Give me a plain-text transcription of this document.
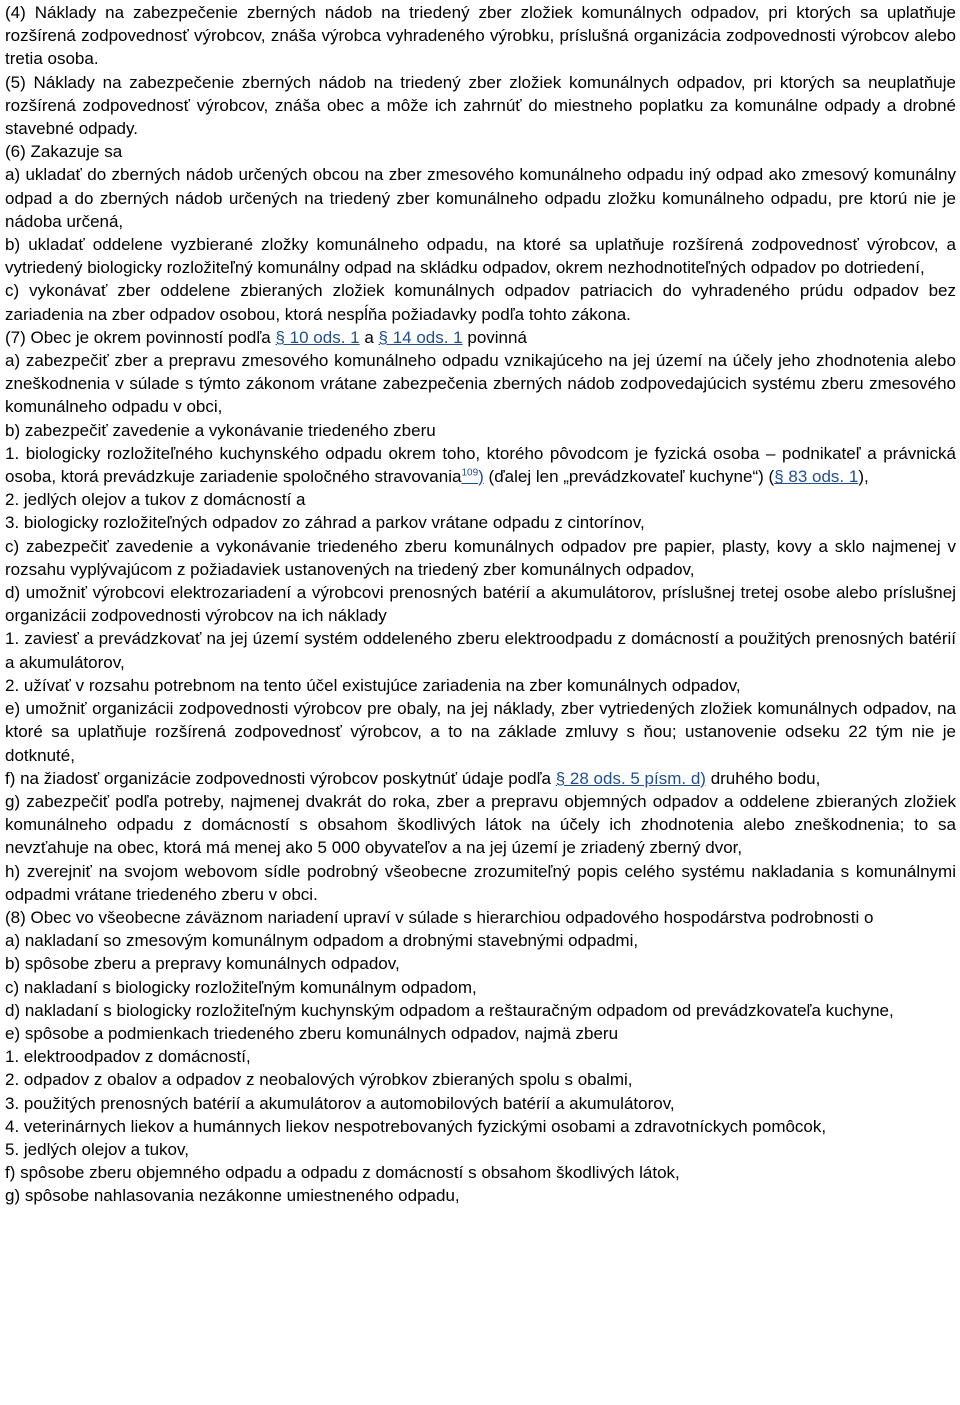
(4) Náklady na zabezpečenie zberných nádob na triedený zber zložiek komunálnych odpadov, pri ktorých sa uplatňuje rozšírená zodpovednosť výrobcov, znáša výrobca vyhradeného výrobku, príslušná organizácia zodpovednosti výrobcov alebo tretia osoba.

(5) Náklady na zabezpečenie zberných nádob na triedený zber zložiek komunálnych odpadov, pri ktorých sa neuplatňuje rozšírená zodpovednosť výrobcov, znáša obec a môže ich zahrnúť do miestneho poplatku za komunálne odpady a drobné stavebné odpady.

(6) Zakazuje sa

a) ukladať do zberných nádob určených obcou na zber zmesového komunálneho odpadu iný odpad ako zmesový komunálny odpad a do zberných nádob určených na triedený zber komunálneho odpadu zložku komunálneho odpadu, pre ktorú nie je nádoba určená,

b) ukladať oddelene vyzbierané zložky komunálneho odpadu, na ktoré sa uplatňuje rozšírená zodpovednosť výrobcov, a vytriedený biologicky rozložiteľný komunálny odpad na skládku odpadov, okrem nezhodnotiteľných odpadov po dotriedení,

c) vykonávať zber oddelene zbieraných zložiek komunálnych odpadov patriacich do vyhradeného prúdu odpadov bez zariadenia na zber odpadov osobou, ktorá nespĺňa požiadavky podľa tohto zákona.

(7) Obec je okrem povinností podľa § 10 ods. 1 a § 14 ods. 1 povinná

a) zabezpečiť zber a prepravu zmesového komunálneho odpadu vznikajúceho na jej území na účely jeho zhodnotenia alebo zneškodnenia v súlade s týmto zákonom vrátane zabezpečenia zberných nádob zodpovedajúcich systému zberu zmesového komunálneho odpadu v obci,

b) zabezpečiť zavedenie a vykonávanie triedeného zberu

1. biologicky rozložiteľného kuchynského odpadu okrem toho, ktorého pôvodcom je fyzická osoba – podnikateľ a právnická osoba, ktorá prevádzkuje zariadenie spoločného stravovania$^{109}$) (ďalej len „prevádzkovateľ kuchyne“) (§ 83 ods. 1),

2. jedlých olejov a tukov z domácností a

3. biologicky rozložiteľných odpadov zo záhrad a parkov vrátane odpadu z cintorínov,

c) zabezpečiť zavedenie a vykonávanie triedeného zberu komunálnych odpadov pre papier, plasty, kovy a sklo najmenej v rozsahu vyplývajúcom z požiadaviek ustanovených na triedený zber komunálnych odpadov,

d) umožniť výrobcovi elektrozariadení a výrobcovi prenosných batérií a akumulátorov, príslušnej tretej osobe alebo príslušnej organizácii zodpovednosti výrobcov na ich náklady

1. zaviesť a prevádzkovať na jej území systém oddeleného zberu elektroodpadu z domácností a použitých prenosných batérií a akumulátorov,

2. užívať v rozsahu potrebnom na tento účel existujúce zariadenia na zber komunálnych odpadov,

e) umožniť organizácii zodpovednosti výrobcov pre obaly, na jej náklady, zber vytriedených zložiek komunálnych odpadov, na ktoré sa uplatňuje rozšírená zodpovednosť výrobcov, a to na základe zmluvy s ňou; ustanovenie odseku 22 tým nie je dotknuté,

f) na žiadosť organizácie zodpovednosti výrobcov poskytnúť údaje podľa § 28 ods. 5 písm. d) druhého bodu,

g) zabezpečiť podľa potreby, najmenej dvakrát do roka, zber a prepravu objemných odpadov a oddelene zbieraných zložiek komunálneho odpadu z domácností s obsahom škodlivých látok na účely ich zhodnotenia alebo zneškodnenia; to sa nevzťahuje na obec, ktorá má menej ako 5 000 obyvateľov a na jej území je zriadený zberný dvor,

h) zverejniť na svojom webovom sídle podrobný všeobecne zrozumiteľný popis celého systému nakladania s komunálnymi odpadmi vrátane triedeného zberu v obci.

(8) Obec vo všeobecne záväznom nariadení upraví v súlade s hierarchiou odpadového hospodárstva podrobnosti o

a) nakladaní so zmesovým komunálnym odpadom a drobnými stavebnými odpadmi,

b) spôsobe zberu a prepravy komunálnych odpadov,

c) nakladaní s biologicky rozložiteľným komunálnym odpadom,

d) nakladaní s biologicky rozložiteľným kuchynským odpadom a reštauračným odpadom od prevádzkovateľa kuchyne,

e) spôsobe a podmienkach triedeného zberu komunálnych odpadov, najmä zberu

1. elektroodpadov z domácností,

2. odpadov z obalov a odpadov z neobalových výrobkov zbieraných spolu s obalmi,

3. použitých prenosných batérií a akumulátorov a automobilových batérií a akumulátorov,

4. veterinárnych liekov a humánnych liekov nespotrebovaných fyzickými osobami a zdravotníckych pomôcok,

5. jedlých olejov a tukov,

f) spôsobe zberu objemného odpadu a odpadu z domácností s obsahom škodlivých látok,

g) spôsobe nahlasovania nezákonne umiestneného odpadu,
